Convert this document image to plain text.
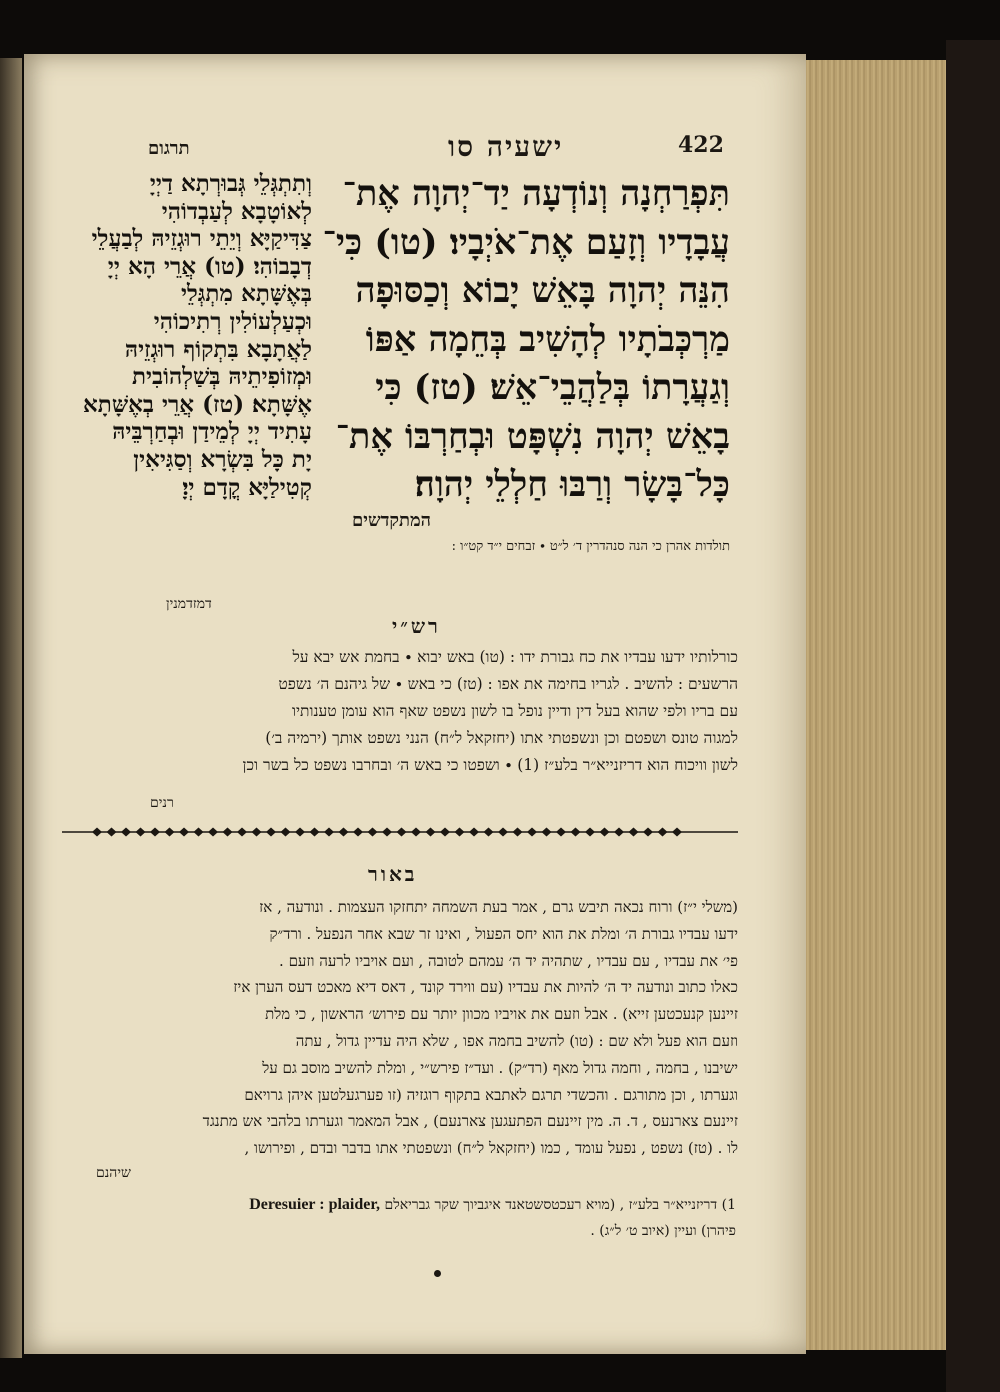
422
ישעיה סו
תרגום
תִּפְרַחְנָה וְנוֹדְעָה יַד־יְהוָה אֶת־
עֲבָדָיו וְזָעַם אֶת־אֹיְבָיו׃ (טו) כִּי־
הִנֵּה יְהוָה בָּאֵשׁ יָבוֹא וְכַסּוּפָה
מַרְכְּבֹתָיו לְהָשִׁיב בְּחֵמָה אַפּוֹ
וְגַעֲרָתוֹ בְּלַהֲבֵי־אֵשׁ׃ (טז) כִּי
בָאֵשׁ יְהוָה נִשְׁפָּט וּבְחַרְבּוֹ אֶת־
כָּל־בָּשָׂר וְרַבּוּ חַלְלֵי יְהוָה׃
המתקדשים
תולדות אהרן כי הנה סנהדרין ד׳ ל״ט ∙ זבחים י״ד קט״ו :
וְתִתְגְּלֵי גְּבוּרְתָא דַיְיָ
לְאוֹטָבָא לְעַבְדוֹהִי
צַדִּיקַיָּא וְיֵתֵי רוּגְזֵיהּ לְבַעֲלֵי
דְבָבוֹהִי׃ (טו) אֲרֵי הָא יְיָ
בְּאֶשָּׁתָא מִתְגְּלֵי
וּכְעַלְעוֹלִין רְתִיכוֹהִי
לַאֲתָבָא בִּתְקוֹף רוּגְזֵיהּ
וּמְזוֹפִיתֵיהּ בְּשַׁלְהוֹבִית
אֶשָּׁתָא׃ (טז) אֲרֵי בְאֶשָּׁתָא
עָתִיד יְיָ לְמֵידַן וּבְחַרְבֵּיהּ
יָת כָּל בִּשְׂרָא וְסַגִּיאִין
קְטִילַיָּא קֳדָם יְיָ׃
דמזדמנין
רש״י
כורלותיו ידעו עבדיו את כח גבורת ידו : (טו) באש יבוא ∙ בחמת אש יבא על
הרשעים : להשיב . לגריו בחימה את אפו : (טז) כי באש ∙ של גיהנם ה׳ נשפט
עם בריו ולפי שהוא בעל דין ודיין נופל בו לשון נשפט שאף הוא עומן טענותיו
למגוה טונס ושפטם וכן ונשפטתי אתו (יחזקאל ל״ח) הנני נשפט אותך (ירמיה ב׳)
לשון וויכוח הוא דריזנייא״ר בלע״ז (1) ∙ ושפטו כי באש ה׳ ובחרבו נשפט כל בשר וכן
רנים
באור
(משלי י״ז) ורוח נכאה תיבש גרם , אמר בעת השמחה יתחזקו העצמות . ונודעה , אז
ידעו עבדיו גבורת ה׳ ומלת את הוא יחס הפעול , ואינו זר שבא אחר הנפעל . ורד״ק
פי׳ את עבדיו , עם עבדיו , שתהיה יד ה׳ עמהם לטובה , ועם אויביו לרעה וזעם .
כאלו כתוב ונודעה יד ה׳ להיות את עבדיו (עם ווירד קונד , דאס דיא מאכט דעס הערן איז
זיינען קנעכטען זייא) . אבל וזעם את אויביו מכוון יותר עם פירוש׳ הראשון , כי מלת
וזעם הוא פעל ולא שם : (טו) להשיב בחמה אפו , שלא היה עדיין גדול , עתה
ישיבנו , בחמה , וחמה גדול מאף (רד״ק) . ועד״ז פירש״י , ומלת להשיב מוסב גם על
וגערתו , וכן מתורגם . והכשדי תרגם לאתבא בתקוף רוגזיה (זו פערגעלטען איהן גרויאם
זיינעם צארנעס , ד. ה. מין זיינעם הפתעגען צארנעם) , אבל המאמר וגערתו בלהבי אש מתנגד
לו . (טז) נשפט , נפעל עומד , כמו (יחזקאל ל״ח) ונשפטתי אתו בדבר ובדם , ופירושו ,
שיהנם
1) דריזנייא״ר בלע״ז , (מויא רעכטסשטאנד איגביוך שקר גבריאלם Deresuier : plaider,
פיהרן) ועיין (איוב ט׳ ל״ג) .
